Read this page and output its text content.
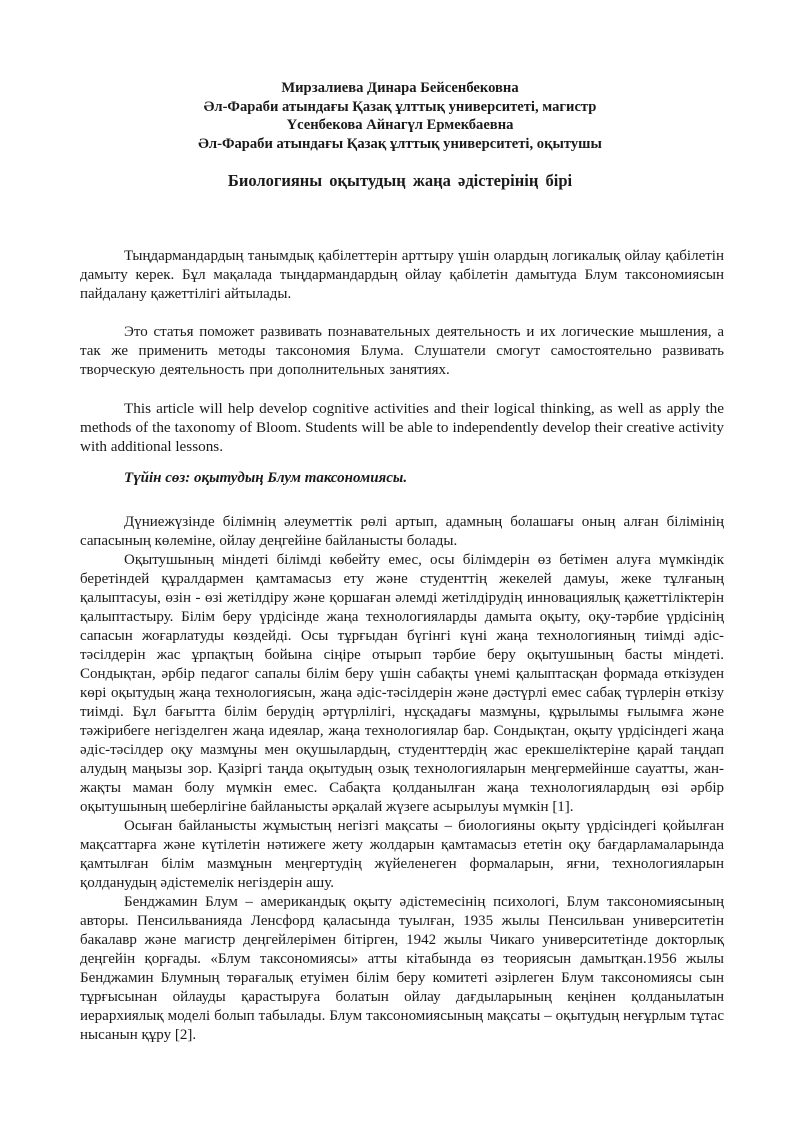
Мирзалиева Динара Бейсенбековна
Әл-Фараби атындағы Қазақ ұлттық университеті, магистр
Үсенбекова Айнагүл Ермекбаевна
Әл-Фараби атындағы Қазақ ұлттық университеті, оқытушы
Биологияны оқытудың жаңа әдістерінің бірі
Тыңдармандардың танымдық қабілеттерін арттыру үшін олардың логикалық ойлау қабілетін дамыту керек. Бұл мақалада тыңдармандардың ойлау қабілетін дамытуда Блум таксономиясын пайдалану қажеттілігі айтылады.
Это статья поможет развивать познавательных деятельность и их логические мышления, а так же применить методы таксономия Блума. Слушатели смогут самостоятельно развивать творческую деятельность при дополнительных занятиях.
This article will help develop cognitive activities and their logical thinking, as well as apply the methods of the taxonomy of Bloom. Students will be able to independently develop their creative activity with additional lessons.
Түйін сөз: оқытудың Блум таксономиясы.

Дүниежүзінде білімнің әлеуметтік рөлі артып, адамның болашағы оның алған білімінің сапасының көлеміне, ойлау деңгейіне байланысты болады.

Оқытушының міндеті білімді көбейту емес, осы білімдерін өз бетімен алуға мүмкіндік беретіндей құралдармен қамтамасыз ету және студенттің жекелей дамуы, жеке тұлғаның қалыптасуы, өзін - өзі жетілдіру және қоршаған әлемді жетілдірудің инновациялық қажеттіліктерін қалыптастыру. Білім беру үрдісінде жаңа технологияларды дамыта оқыту, оқу-тәрбие үрдісінің сапасын жоғарлатуды көздейді. Осы тұрғыдан бүгінгі күні жаңа технологияның тиімді әдіс-тәсілдерін жас ұрпақтың бойына сіңіре отырып тәрбие беру оқытушының басты міндеті. Сондықтан, әрбір педагог сапалы білім беру үшін сабақты үнемі қалыптасқан формада өткізуден көрі оқытудың жаңа технологиясын, жаңа әдіс-тәсілдерін және дәстүрлі емес сабақ түрлерін өткізу тиімді. Бұл бағытта білім берудің әртүрлілігі, нұсқадағы мазмұны, құрылымы ғылымға және тәжірибеге негізделген жаңа идеялар, жаңа технологиялар бар. Сондықтан, оқыту үрдісіндегі жаңа әдіс-тәсілдер оқу мазмұны мен оқушылардың, студенттердің жас ерекшеліктеріне қарай таңдап алудың маңызы зор. Қазіргі таңда оқытудың озық технологияларын меңгермейінше сауатты, жан-жақты маман болу мүмкін емес. Сабақта қолданылған жаңа технологиялардың өзі әрбір оқытушының шеберлігіне байланысты әрқалай жүзеге асырылуы мүмкін [1].

Осыған байланысты жұмыстың негізгі мақсаты – биологияны оқыту үрдісіндегі қойылған мақсаттарға және күтілетін нәтижеге жету жолдарын қамтамасыз ететін оқу бағдарламаларында қамтылған білім мазмұнын меңгертудің жүйеленеген формаларын, яғни, технологияларын қолданудың әдістемелік негіздерін ашу.

Бенджамин Блум – американдық оқыту әдістемесінің психологі, Блум таксономиясының авторы. Пенсильванияда Ленсфорд қаласында туылған, 1935 жылы Пенсильван университетін бакалавр және магистр деңгейлерімен бітірген, 1942 жылы Чикаго университетінде докторлық деңгейін қорғады. «Блум таксономиясы» атты кітабында өз теориясын дамытқан.1956 жылы Бенджамин Блумның төрағалық етуімен білім беру комитеті әзірлеген Блум таксономиясы сын тұрғысынан ойлауды қарастыруға болатын ойлау дағдыларының кеңінен қолданылатын иерархиялық моделі болып табылады. Блум таксономиясының мақсаты – оқытудың неғұрлым тұтас нысанын құру [2].
